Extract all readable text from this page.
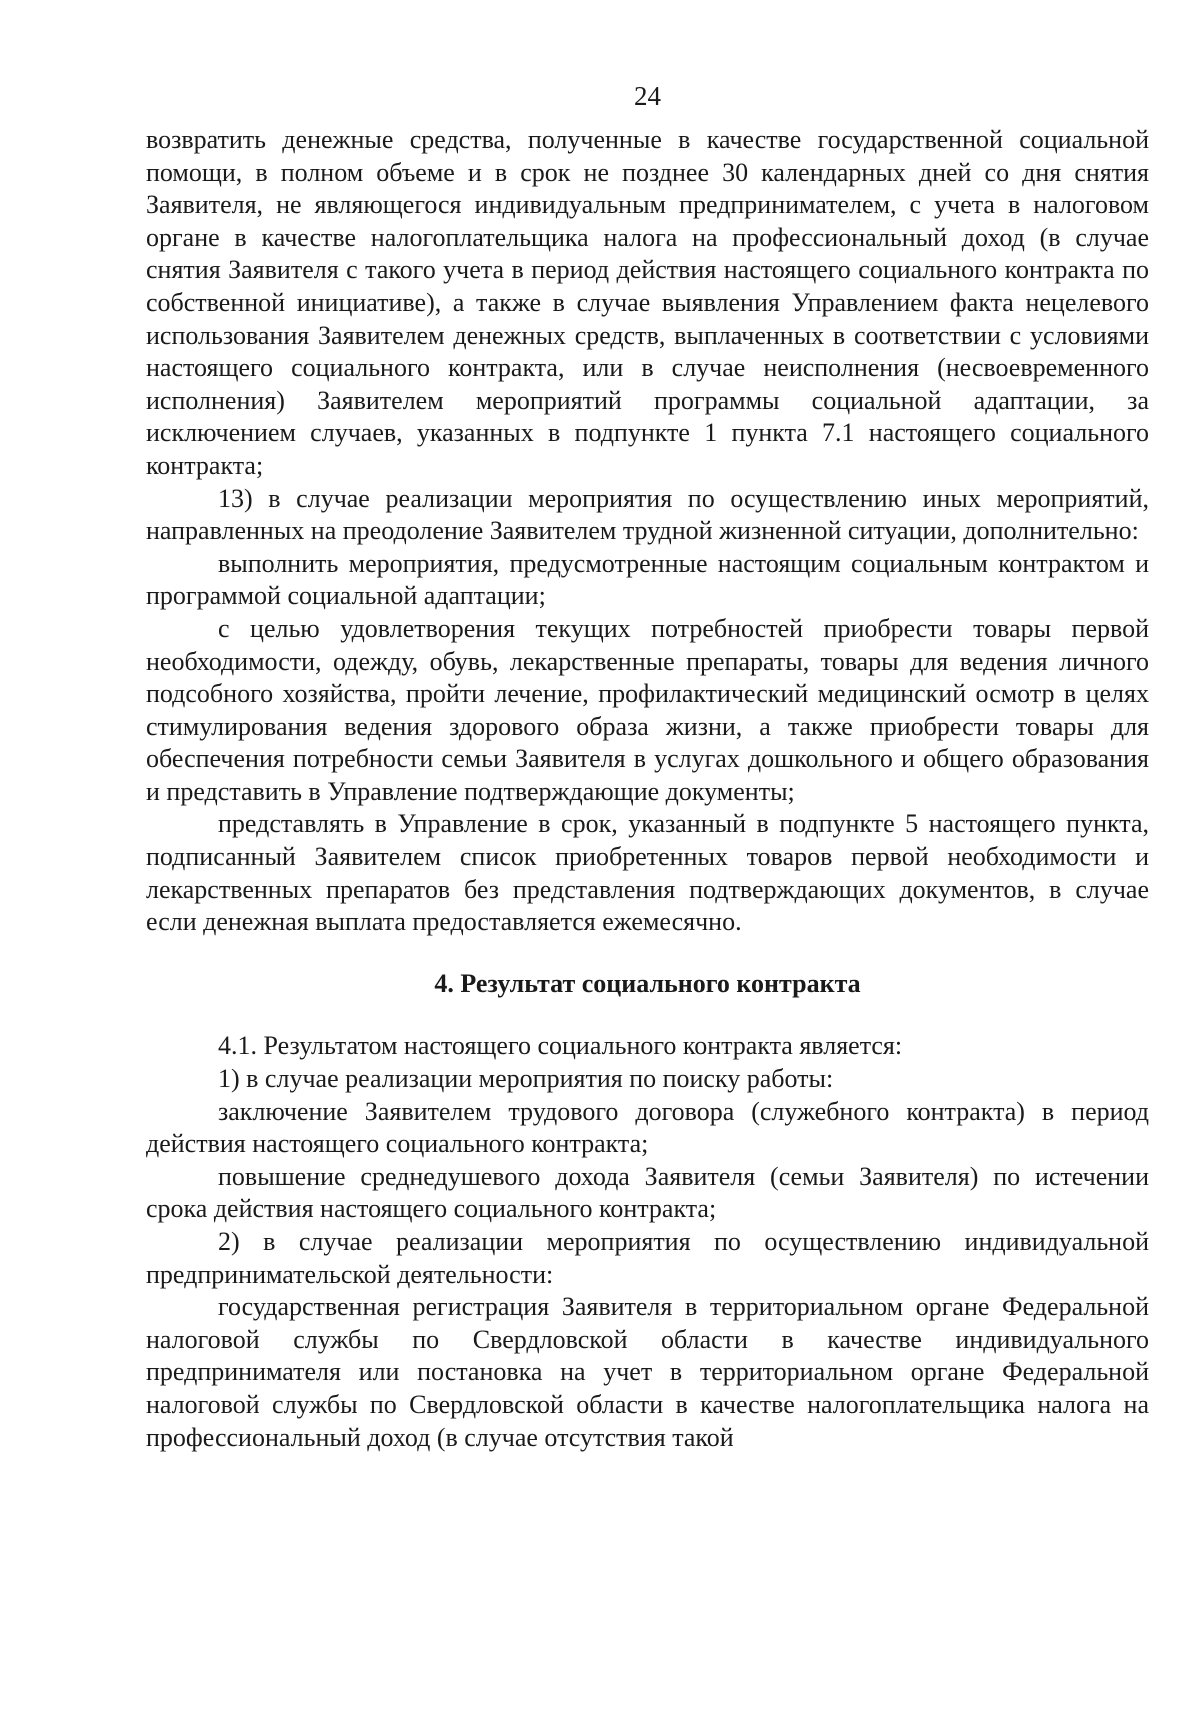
24

возвратить денежные средства, полученные в качестве государственной социальной помощи, в полном объеме и в срок не позднее 30 календарных дней со дня снятия Заявителя, не являющегося индивидуальным предпринимателем, с учета в налоговом органе в качестве налогоплательщика налога на профессиональный доход (в случае снятия Заявителя с такого учета в период действия настоящего социального контракта по собственной инициативе), а также в случае выявления Управлением факта нецелевого использования Заявителем денежных средств, выплаченных в соответствии с условиями настоящего социального контракта, или в случае неисполнения (несвоевременного исполнения) Заявителем мероприятий программы социальной адаптации, за исключением случаев, указанных в подпункте 1 пункта 7.1 настоящего социального контракта;

13) в случае реализации мероприятия по осуществлению иных мероприятий, направленных на преодоление Заявителем трудной жизненной ситуации, дополнительно:

выполнить мероприятия, предусмотренные настоящим социальным контрактом и программой социальной адаптации;

с целью удовлетворения текущих потребностей приобрести товары первой необходимости, одежду, обувь, лекарственные препараты, товары для ведения личного подсобного хозяйства, пройти лечение, профилактический медицинский осмотр в целях стимулирования ведения здорового образа жизни, а также приобрести товары для обеспечения потребности семьи Заявителя в услугах дошкольного и общего образования и представить в Управление подтверждающие документы;

представлять в Управление в срок, указанный в подпункте 5 настоящего пункта, подписанный Заявителем список приобретенных товаров первой необходимости и лекарственных препаратов без представления подтверждающих документов, в случае если денежная выплата предоставляется ежемесячно.

4. Результат социального контракта

4.1. Результатом настоящего социального контракта является:

1) в случае реализации мероприятия по поиску работы:

заключение Заявителем трудового договора (служебного контракта) в период действия настоящего социального контракта;

повышение среднедушевого дохода Заявителя (семьи Заявителя) по истечении срока действия настоящего социального контракта;

2) в случае реализации мероприятия по осуществлению индивидуальной предпринимательской деятельности:

государственная регистрация Заявителя в территориальном органе Федеральной налоговой службы по Свердловской области в качестве индивидуального предпринимателя или постановка на учет в территориальном органе Федеральной налоговой службы по Свердловской области в качестве налогоплательщика налога на профессиональный доход (в случае отсутствия такой
